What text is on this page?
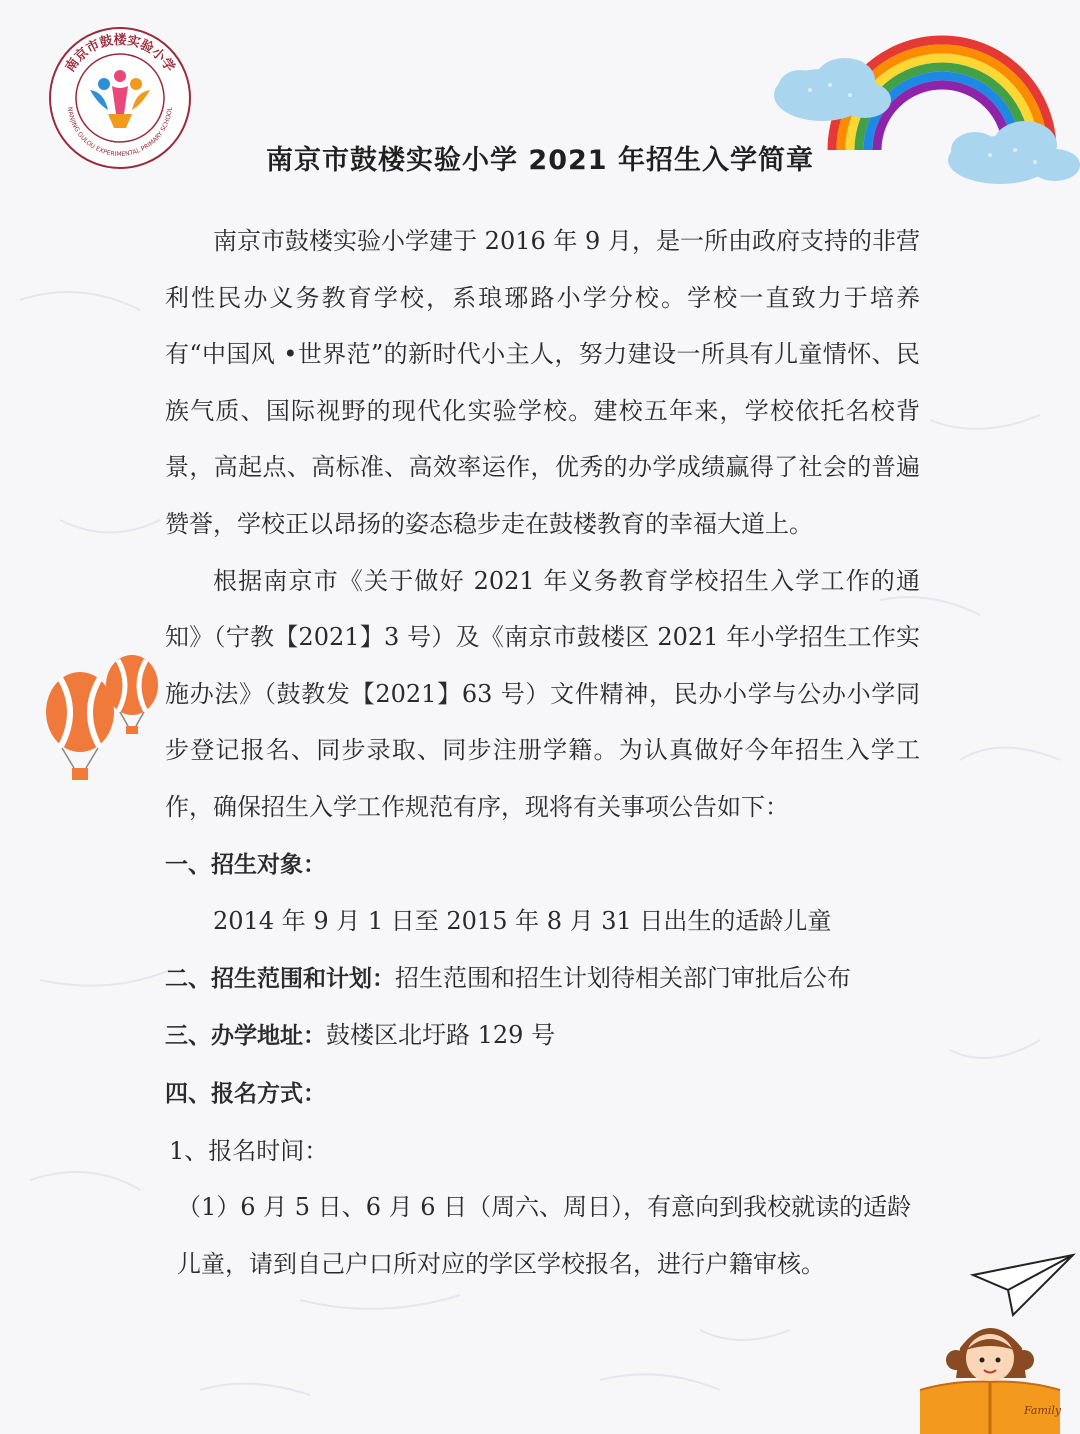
南京市鼓楼实验小学
NANJING GULOU EXPERIMENTAL PRIMARY SCHOOL
Family
南京市鼓楼实验小学 2021 年招生入学简章

南京市鼓楼实验小学建于 2016 年 9 月，是一所由政府支持的非营利性民办义务教育学校，系琅琊路小学分校。学校一直致力于培养有“中国风 •世界范”的新时代小主人，努力建设一所具有儿童情怀、民族气质、国际视野的现代化实验学校。建校五年来，学校依托名校背景，高起点、高标准、高效率运作，优秀的办学成绩赢得了社会的普遍赞誉，学校正以昂扬的姿态稳步走在鼓楼教育的幸福大道上。

根据南京市《关于做好 2021 年义务教育学校招生入学工作的通知》（宁教【2021】3 号）及《南京市鼓楼区 2021 年小学招生工作实施办法》（鼓教发【2021】63 号）文件精神，民办小学与公办小学同步登记报名、同步录取、同步注册学籍。为认真做好今年招生入学工作，确保招生入学工作规范有序，现将有关事项公告如下：

一、招生对象：

2014 年 9 月 1 日至 2015 年 8 月 31 日出生的适龄儿童

二、招生范围和计划：招生范围和招生计划待相关部门审批后公布

三、办学地址：鼓楼区北圩路 129 号

四、报名方式：

1、报名时间：

（1）6 月 5 日、6 月 6 日（周六、周日），有意向到我校就读的适龄儿童，请到自己户口所对应的学区学校报名，进行户籍审核。
